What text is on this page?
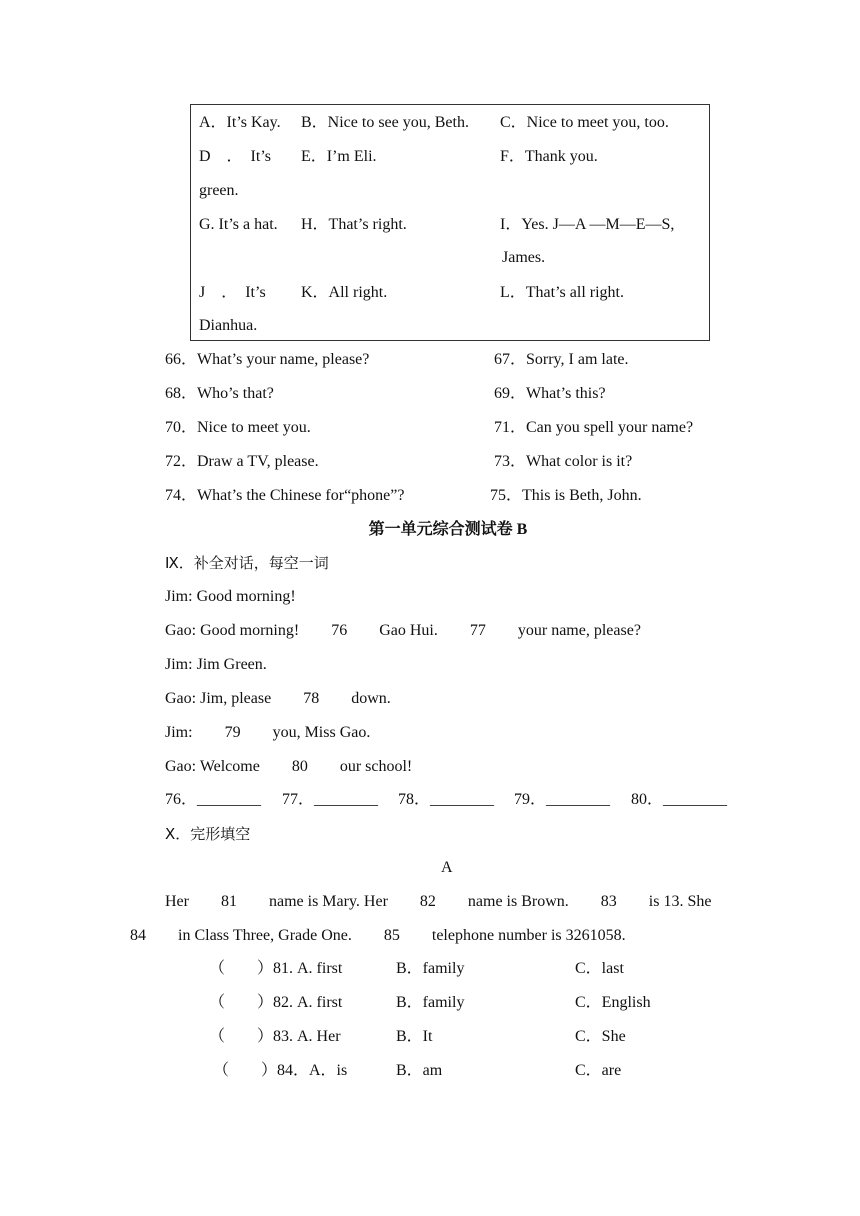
A．It’s Kay. B．Nice to see you, Beth. C．Nice to meet you, too.
D　．　It’s
green.
E．I’m Eli.	F．Thank you.
G. It’s a hat. H．That’s right.	I．Yes. J—A —M—E—S,
James.
J　．　It’s
Dianhua.
K．All right.	L．That’s all right.
66．What’s your name, please?	67．Sorry, I am late.
68．Who’s that?	69．What’s this?
70．Nice to meet you.	71．Can you spell your name?
72．Draw a TV, please.	73．What color is it?
74．What’s the Chinese for“phone”?	75．This is Beth, John.
第一单元综合测试卷 B
Ⅸ．补全对话，每空一词
Jim: Good morning!
Gao: Good morning!　　76　　Gao Hui.　　77　　your name, please?
Jim: Jim Green.
Gao: Jim, please　　78　　down.
Jim:　　79　　you, Miss Gao.
Gao: Welcome　　80　　our school!
76．________ 77．________ 78．________ 79．________ 80．________
Ⅹ．完形填空
A
Her　　81　　name is Mary. Her　　82　　name is Brown.　　83　　is 13. She
84　　in Class Three, Grade One.　　85　　telephone number is 3261058.
（　　）81. A. first	B．family	C．last
（　　）82. A. first	B．family	C．English
（　　）83. A. Her	B．It	C．She
（　　）84．A．is	B．am	C．are
